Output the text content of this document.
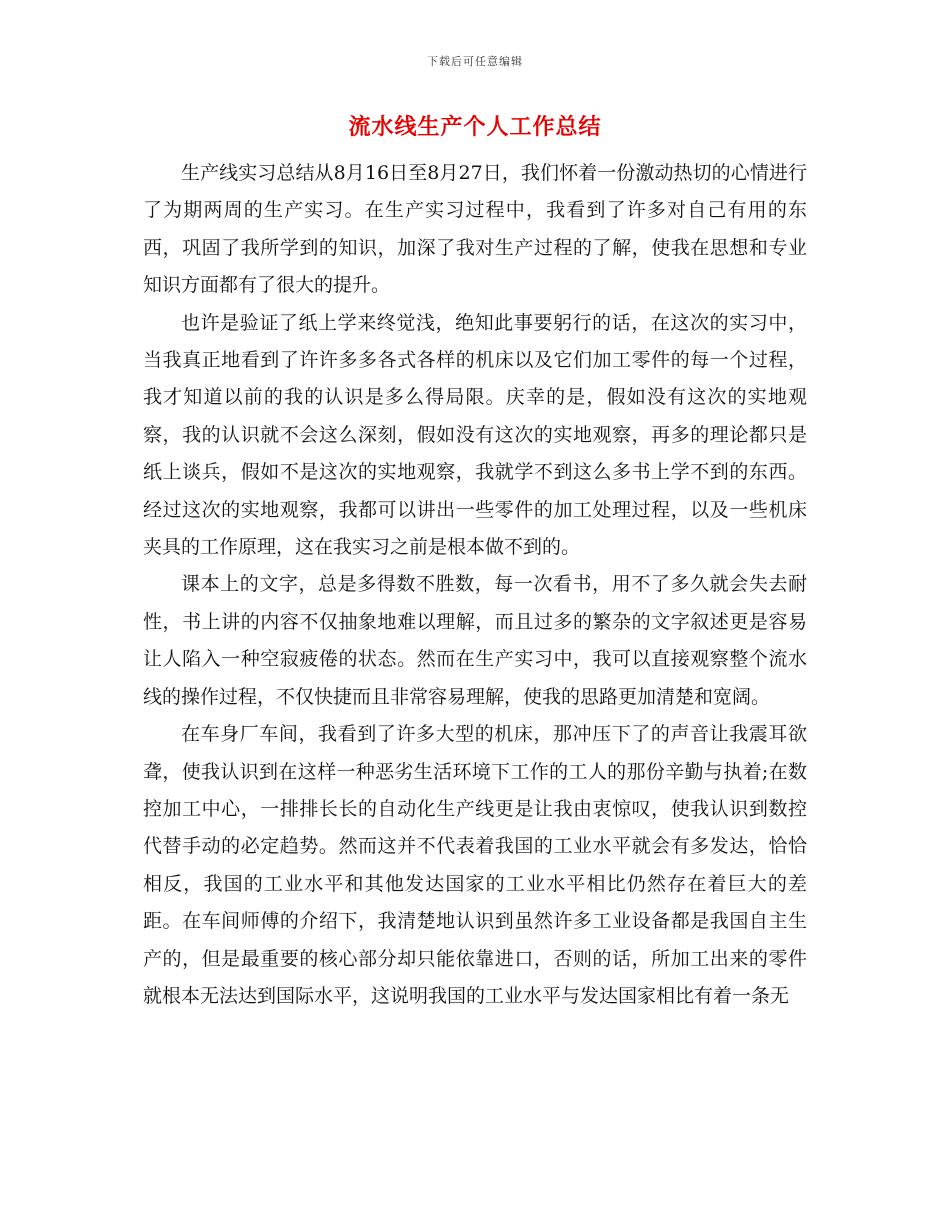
下载后可任意编辑
流水线生产个人工作总结

生产线实习总结从8月16日至8月27日，我们怀着一份激动热切的心情进行了为期两周的生产实习。在生产实习过程中，我看到了许多对自己有用的东西，巩固了我所学到的知识，加深了我对生产过程的了解，使我在思想和专业知识方面都有了很大的提升。

也许是验证了纸上学来终觉浅，绝知此事要躬行的话，在这次的实习中，当我真正地看到了许许多多各式各样的机床以及它们加工零件的每一个过程，我才知道以前的我的认识是多么得局限。庆幸的是，假如没有这次的实地观察，我的认识就不会这么深刻，假如没有这次的实地观察，再多的理论都只是纸上谈兵，假如不是这次的实地观察，我就学不到这么多书上学不到的东西。经过这次的实地观察，我都可以讲出一些零件的加工处理过程，以及一些机床夹具的工作原理，这在我实习之前是根本做不到的。

课本上的文字，总是多得数不胜数，每一次看书，用不了多久就会失去耐性，书上讲的内容不仅抽象地难以理解，而且过多的繁杂的文字叙述更是容易让人陷入一种空寂疲倦的状态。然而在生产实习中，我可以直接观察整个流水线的操作过程，不仅快捷而且非常容易理解，使我的思路更加清楚和宽阔。

在车身厂车间，我看到了许多大型的机床，那冲压下了的声音让我震耳欲聋，使我认识到在这样一种恶劣生活环境下工作的工人的那份辛勤与执着;在数控加工中心，一排排长长的自动化生产线更是让我由衷惊叹，使我认识到数控代替手动的必定趋势。然而这并不代表着我国的工业水平就会有多发达，恰恰相反，我国的工业水平和其他发达国家的工业水平相比仍然存在着巨大的差距。在车间师傅的介绍下，我清楚地认识到虽然许多工业设备都是我国自主生产的，但是最重要的核心部分却只能依靠进口，否则的话，所加工出来的零件就根本无法达到国际水平，这说明我国的工业水平与发达国家相比有着一条无
